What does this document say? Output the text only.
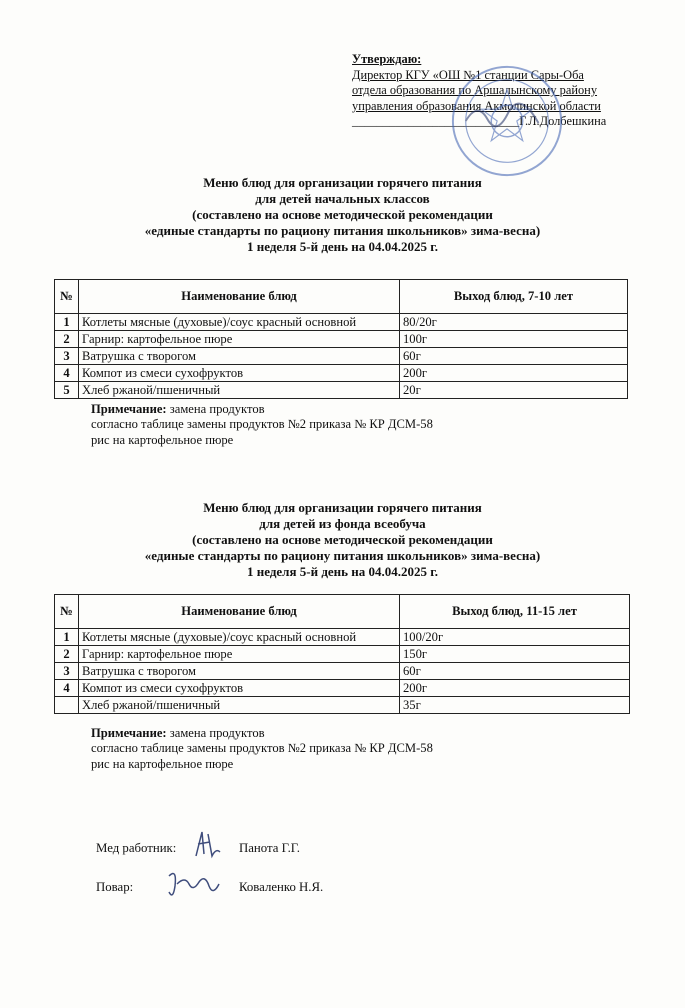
Утверждаю:
Директор КГУ «ОШ №1 станции Сары-Оба
отдела образования по Аршалынскому району
управления образования Акмолинской области
___________________________Г.Л.Долбешкина
Меню блюд для организации горячего питания
для детей начальных классов
(составлено на основе методической рекомендации
«единые стандарты по рациону питания школьников» зима-весна)
1 неделя 5-й день на 04.04.2025 г.
№	Наименование блюд	Выход блюд, 7-10 лет
1	Котлеты мясные (духовые)/соус красный основной	80/20г
2	Гарнир: картофельное пюре	100г
3	Ватрушка с творогом	60г
4	Компот из смеси сухофруктов	200г
5	Хлеб ржаной/пшеничный	20г
Примечание: замена продуктов
согласно таблице замены продуктов №2 приказа № КР ДСМ-58
рис на картофельное пюре
Меню блюд для организации горячего питания
для детей из фонда всеобуча
(составлено на основе методической рекомендации
«единые стандарты по рациону питания школьников» зима-весна)
1 неделя 5-й день на 04.04.2025 г.
№	Наименование блюд	Выход блюд, 11-15 лет
1	Котлеты мясные (духовые)/соус красный основной	100/20г
2	Гарнир: картофельное пюре	150г
3	Ватрушка с творогом	60г
4	Компот из смеси сухофруктов	200г
	Хлеб ржаной/пшеничный	35г
Примечание: замена продуктов
согласно таблице замены продуктов №2 приказа № КР ДСМ-58
рис на картофельное пюре
Мед работник:	Панота Г.Г.
Повар:	Коваленко Н.Я.
